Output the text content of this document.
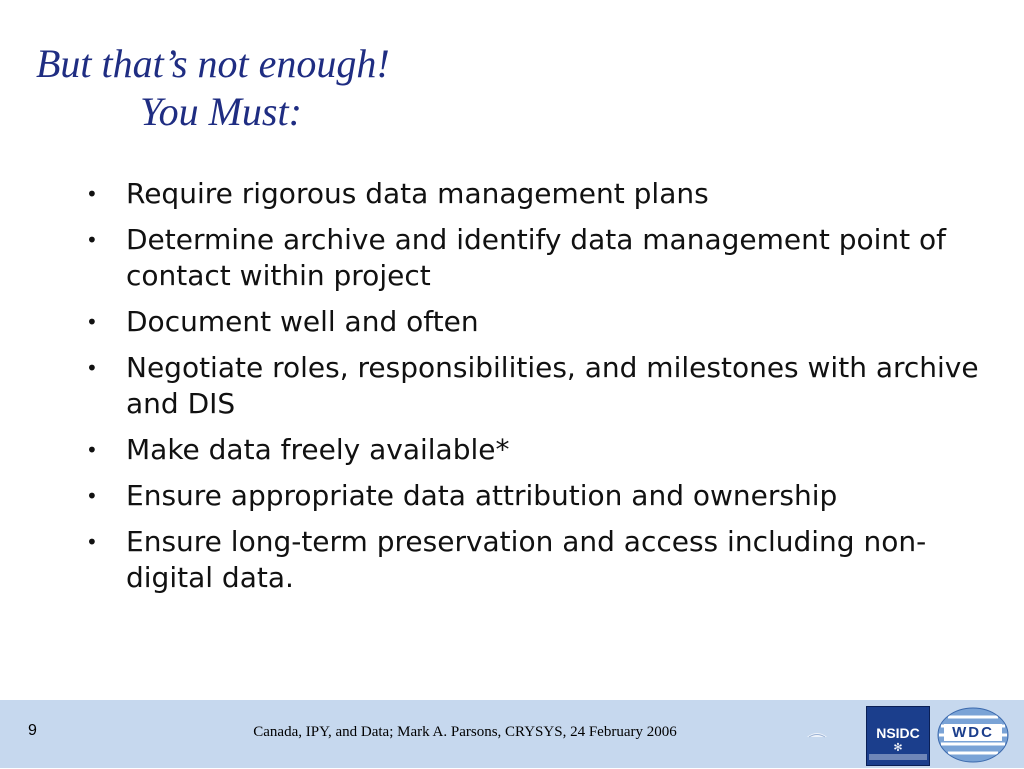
But that’s not enough!
You Must:
• Require rigorous data management plans
• Determine archive and identify data management point of contact within project
• Document well and often
• Negotiate roles, responsibilities, and milestones with archive and DIS
• Make data freely available*
• Ensure appropriate data attribution and ownership
• Ensure long-term preservation and access including non-digital data.
9	Canada, IPY, and Data; Mark A. Parsons, CRYSYS, 24 February 2006	NSIDC
✻
WDC
